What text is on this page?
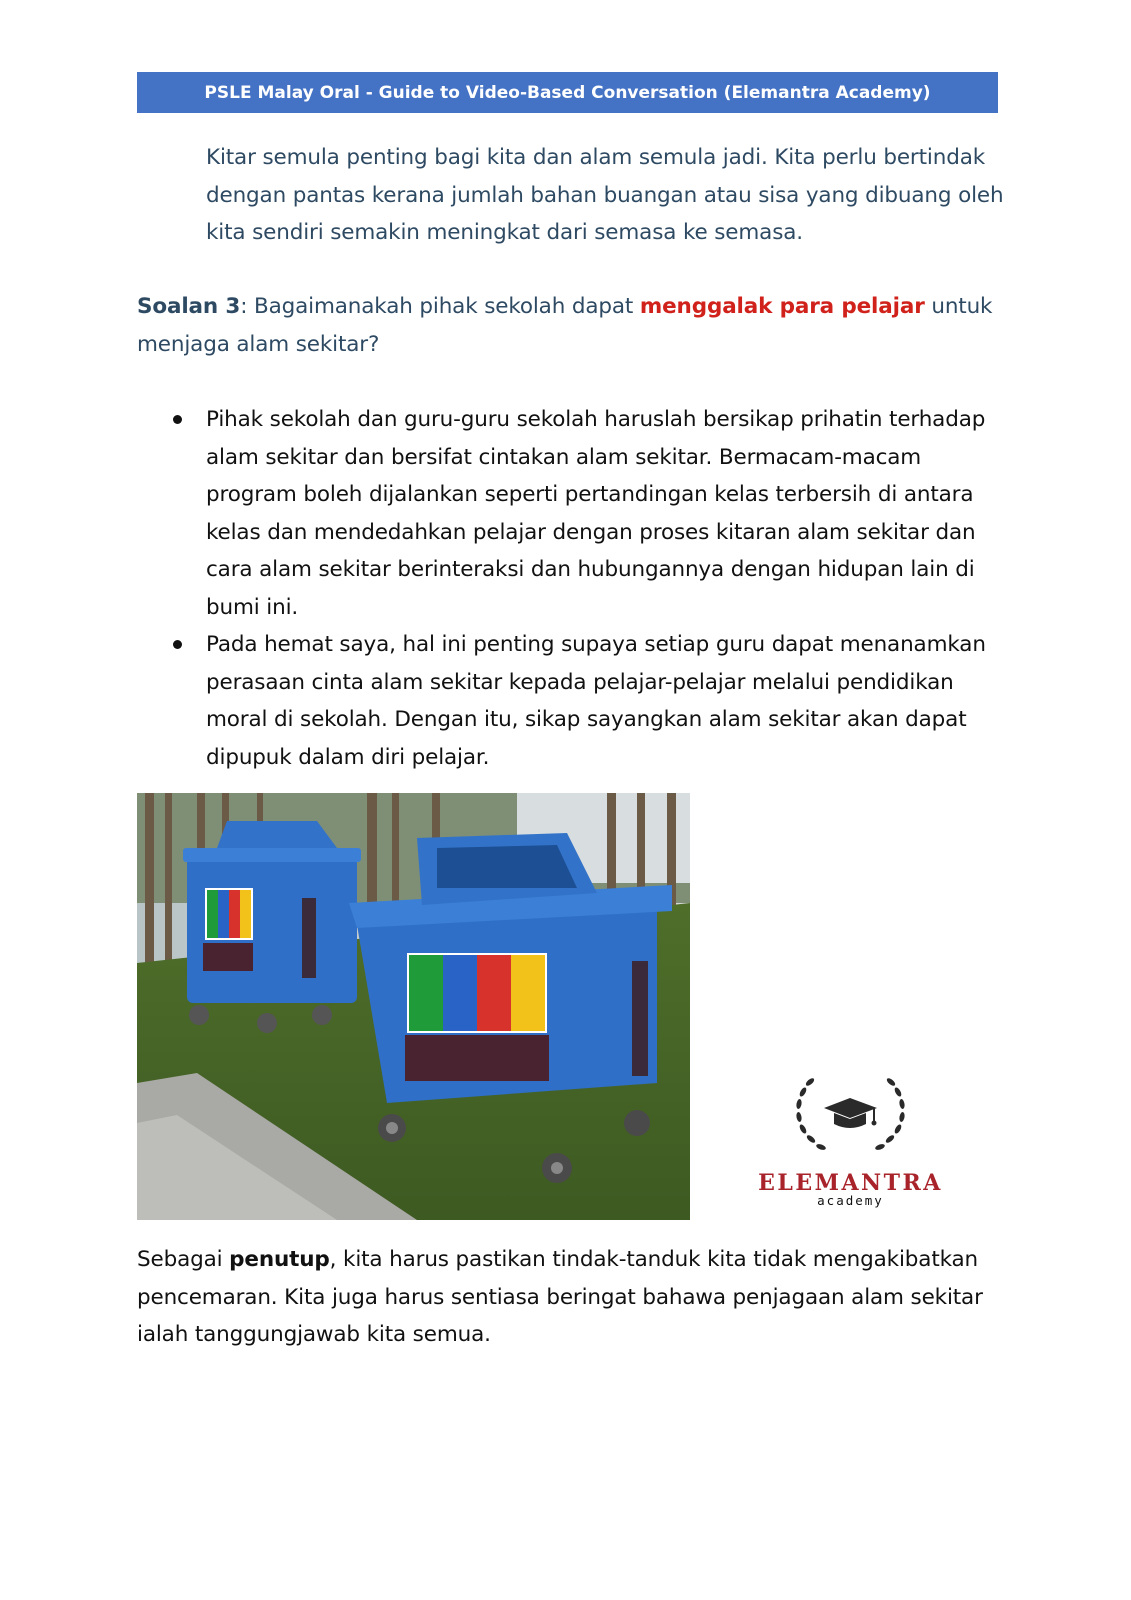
PSLE Malay Oral - Guide to Video-Based Conversation (Elemantra Academy)

Kitar semula penting bagi kita dan alam semula jadi. Kita perlu bertindak dengan pantas kerana jumlah bahan buangan atau sisa yang dibuang oleh kita sendiri semakin meningkat dari semasa ke semasa.

Soalan 3: Bagaimanakah pihak sekolah dapat menggalak para pelajar untuk menjaga alam sekitar?

Pihak sekolah dan guru-guru sekolah haruslah bersikap prihatin terhadap alam sekitar dan bersifat cintakan alam sekitar. Bermacam-macam program boleh dijalankan seperti pertandingan kelas terbersih di antara kelas dan mendedahkan pelajar dengan proses kitaran alam sekitar dan cara alam sekitar berinteraksi dan hubungannya dengan hidupan lain di bumi ini.
Pada hemat saya, hal ini penting supaya setiap guru dapat menanamkan perasaan cinta alam sekitar kepada pelajar-pelajar melalui pendidikan moral di sekolah. Dengan itu, sikap sayangkan alam sekitar akan dapat dipupuk dalam diri pelajar.
ELEMANTRA
academy

Sebagai penutup, kita harus pastikan tindak-tanduk kita tidak mengakibatkan pencemaran. Kita juga harus sentiasa beringat bahawa penjagaan alam sekitar ialah tanggungjawab kita semua.
